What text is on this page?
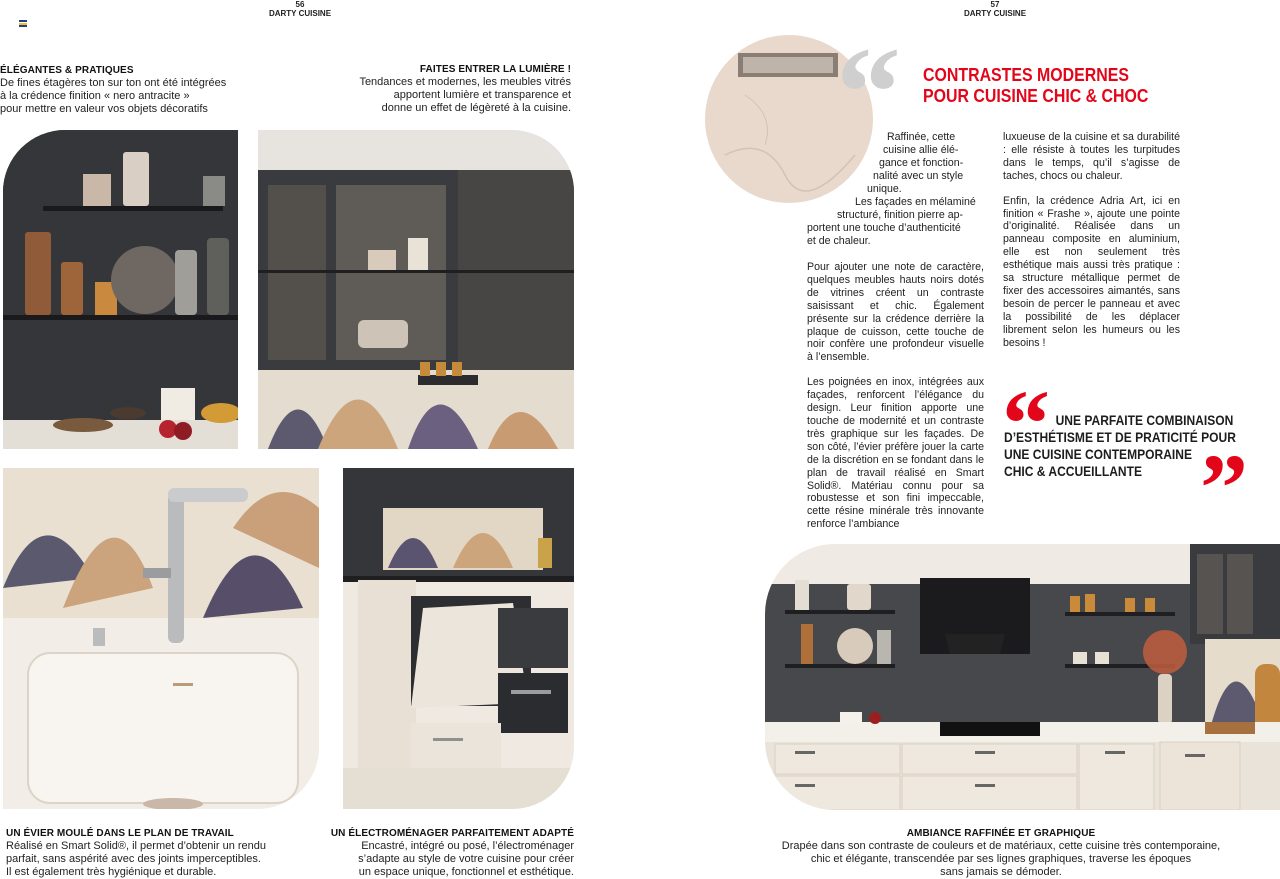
56
DARTY CUISINE
ÉLÉGANTES & PRATIQUES
De fines étagères ton sur ton ont été intégrées
à la crédence finition « nero antracite »
pour mettre en valeur vos objets décoratifs
FAITES ENTRER LA LUMIÈRE !
Tendances et modernes, les meubles vitrés
apportent lumière et transparence et
donne un effet de légèreté à la cuisine.
UN ÉVIER MOULÉ DANS LE PLAN DE TRAVAIL
Réalisé en Smart Solid®, il permet d’obtenir un rendu
parfait, sans aspérité avec des joints imperceptibles.
Il est également très hygiénique et durable.
UN ÉLECTROMÉNAGER PARFAITEMENT ADAPTÉ
Encastré, intégré ou posé, l’électroménager
s’adapte au style de votre cuisine pour créer
un espace unique, fonctionnel et esthétique.
57
DARTY CUISINE
“ CONTRASTES MODERNES
POUR CUISINE CHIC & CHOC
Raffinée, cette
cuisine allie élé-
gance et fonction-
nalité avec un style
unique.
Les façades en mélaminé
structuré, finition pierre ap-
portent une touche d’authenticité
et de chaleur.

Pour ajouter une note de caractère, quelques meubles hauts noirs dotés de vitrines créent un contraste saisissant et chic. Également présente sur la crédence derrière la plaque de cuisson, cette touche de noir confère une profondeur visuelle à l’ensemble.

Les poignées en inox, intégrées aux façades, renforcent l’élégance du design. Leur finition apporte une touche de modernité et un contraste très graphique sur les façades. De son côté, l’évier préfère jouer la carte de la discrétion en se fondant dans le plan de travail réalisé en Smart Solid®. Matériau connu pour sa robustesse et son fini impeccable, cette résine minérale très innovante renforce l’ambiance

luxueuse de la cuisine et sa durabilité : elle résiste à toutes les turpitudes dans le temps, qu’il s’agisse de taches, chocs ou chaleur.

Enfin, la crédence Adria Art, ici en finition « Frashe », ajoute une pointe d’originalité. Réalisée dans un panneau composite en aluminium, elle est non seulement très esthétique mais aussi très pratique : sa structure métallique permet de fixer des accessoires aimantés, sans besoin de percer le panneau et avec la possibilité de les déplacer librement selon les humeurs ou les besoins !

“ UNE PARFAITE COMBINAISON
D’ESTHÉTISME ET DE PRATICITÉ POUR
UNE CUISINE CONTEMPORAINE
CHIC & ACCUEILLANTE ”
AMBIANCE RAFFINÉE ET GRAPHIQUE
Drapée dans son contraste de couleurs et de matériaux, cette cuisine très contemporaine,
chic et élégante, transcendée par ses lignes graphiques, traverse les époques
sans jamais se démoder.
